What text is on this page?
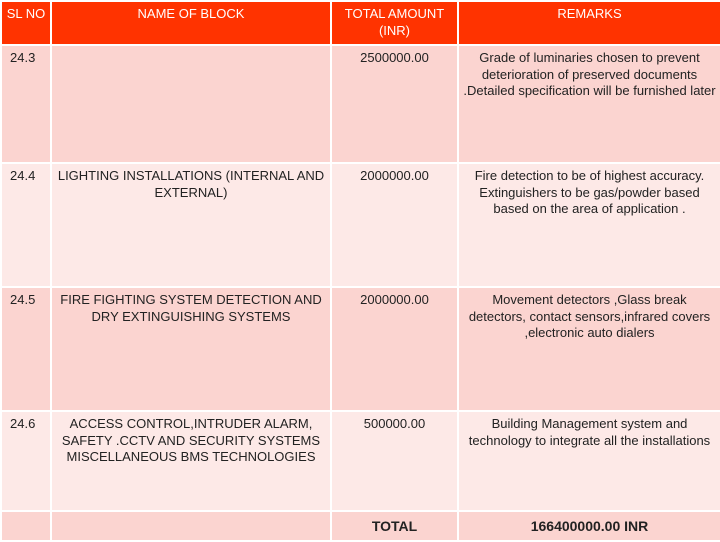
SL NO	NAME OF BLOCK	TOTAL AMOUNT (INR)	REMARKS
24.3		2500000.00	Grade of luminaries chosen to prevent deterioration of preserved documents .Detailed specification will be furnished later
24.4	LIGHTING INSTALLATIONS (INTERNAL AND EXTERNAL)	2000000.00	Fire detection to be of highest accuracy. Extinguishers to be gas/powder based based on the area of application .
24.5	FIRE FIGHTING SYSTEM DETECTION AND DRY EXTINGUISHING SYSTEMS	2000000.00	Movement detectors ,Glass break detectors, contact sensors,infrared covers ,electronic auto dialers
24.6	ACCESS CONTROL,INTRUDER ALARM, SAFETY .CCTV AND SECURITY SYSTEMS MISCELLANEOUS BMS TECHNOLOGIES	500000.00	Building Management system and technology to integrate all the installations
		TOTAL	166400000.00 INR
